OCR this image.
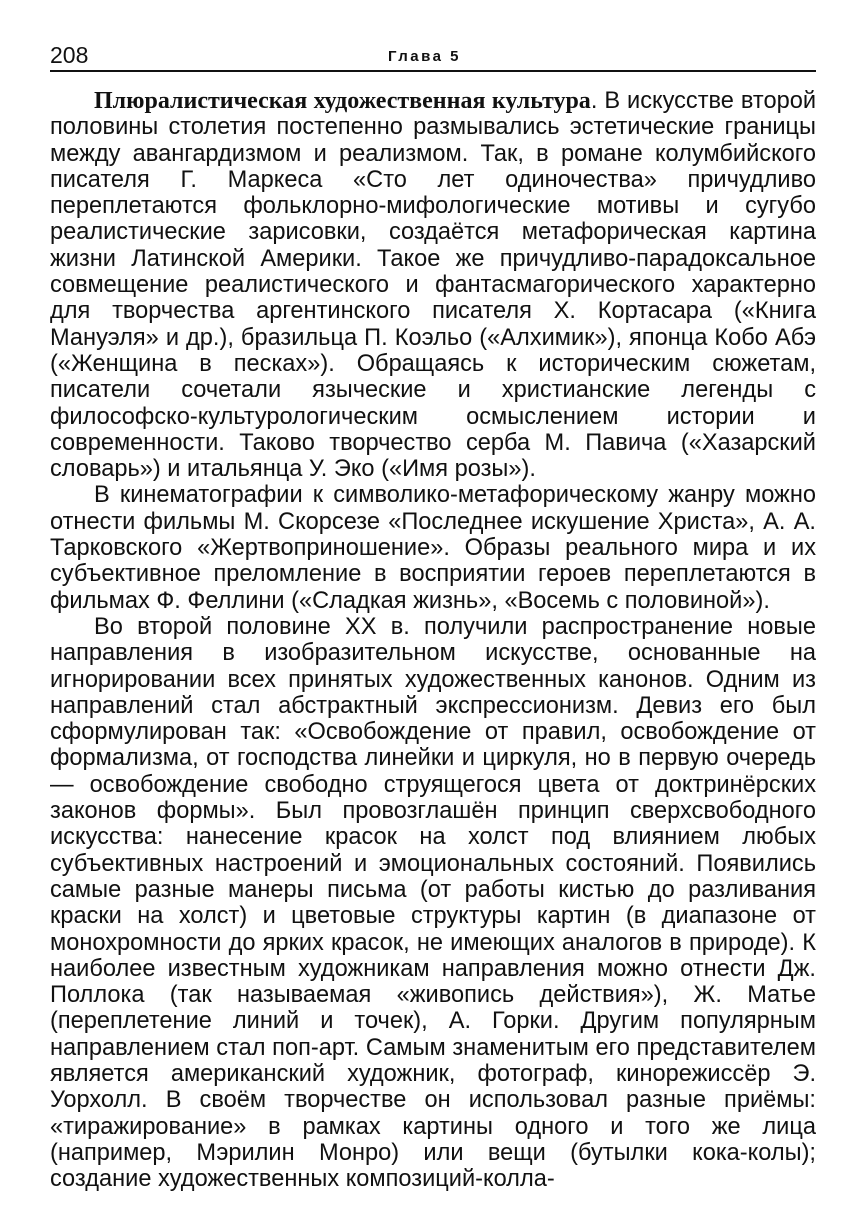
208	Глава 5

Плюралистическая художественная культура. В искусстве второй половины столетия постепенно размывались эстетические границы между авангардизмом и реализмом. Так, в романе колумбийского писателя Г. Маркеса «Сто лет одиночества» причудливо переплетаются фольклорно-мифологические мотивы и сугубо реалистические зарисовки, создаётся метафорическая картина жизни Латинской Америки. Такое же причудливо-парадоксальное совмещение реалистического и фантасмагорического характерно для творчества аргентинского писателя Х. Кортасара («Книга Мануэля» и др.), бразильца П. Коэльо («Алхимик»), японца Кобо Абэ («Женщина в песках»). Обращаясь к историческим сюжетам, писатели сочетали языческие и христианские легенды с философско-культурологическим осмыслением истории и современности. Таково творчество серба М. Павича («Хазарский словарь») и итальянца У. Эко («Имя розы»).

В кинематографии к символико-метафорическому жанру можно отнести фильмы М. Скорсезе «Последнее искушение Христа», А. А. Тарковского «Жертвоприношение». Образы реального мира и их субъективное преломление в восприятии героев переплетаются в фильмах Ф. Феллини («Сладкая жизнь», «Восемь с половиной»).

Во второй половине XX в. получили распространение новые направления в изобразительном искусстве, основанные на игнорировании всех принятых художественных канонов. Одним из направлений стал абстрактный экспрессионизм. Девиз его был сформулирован так: «Освобождение от правил, освобождение от формализма, от господства линейки и циркуля, но в первую очередь — освобождение свободно струящегося цвета от доктринёрских законов формы». Был провозглашён принцип сверхсвободного искусства: нанесение красок на холст под влиянием любых субъективных настроений и эмоциональных состояний. Появились самые разные манеры письма (от работы кистью до разливания краски на холст) и цветовые структуры картин (в диапазоне от монохромности до ярких красок, не имеющих аналогов в природе). К наиболее известным художникам направления можно отнести Дж. Поллока (так называемая «живопись действия»), Ж. Матье (переплетение линий и точек), А. Горки. Другим популярным направлением стал поп-арт. Самым знаменитым его представителем является американский художник, фотограф, кинорежиссёр Э. Уорхолл. В своём творчестве он использовал разные приёмы: «тиражирование» в рамках картины одного и того же лица (например, Мэрилин Монро) или вещи (бутылки кока-колы); создание художественных композиций-колла-
